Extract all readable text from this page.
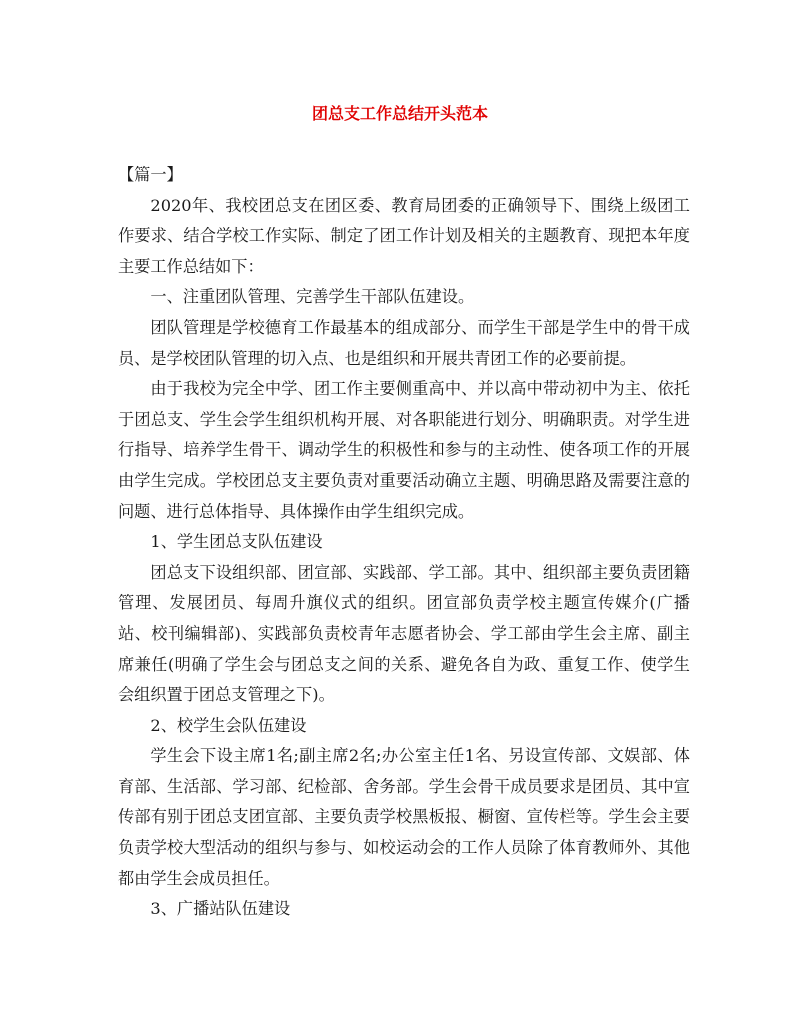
团总支工作总结开头范本

【篇一】

2020年、我校团总支在团区委、教育局团委的正确领导下、围绕上级团工作要求、结合学校工作实际、制定了团工作计划及相关的主题教育、现把本年度主要工作总结如下：

一、注重团队管理、完善学生干部队伍建设。

团队管理是学校德育工作最基本的组成部分、而学生干部是学生中的骨干成员、是学校团队管理的切入点、也是组织和开展共青团工作的必要前提。

由于我校为完全中学、团工作主要侧重高中、并以高中带动初中为主、依托于团总支、学生会学生组织机构开展、对各职能进行划分、明确职责。对学生进行指导、培养学生骨干、调动学生的积极性和参与的主动性、使各项工作的开展由学生完成。学校团总支主要负责对重要活动确立主题、明确思路及需要注意的问题、进行总体指导、具体操作由学生组织完成。

1、学生团总支队伍建设

团总支下设组织部、团宣部、实践部、学工部。其中、组织部主要负责团籍管理、发展团员、每周升旗仪式的组织。团宣部负责学校主题宣传媒介(广播站、校刊编辑部)、实践部负责校青年志愿者协会、学工部由学生会主席、副主席兼任(明确了学生会与团总支之间的关系、避免各自为政、重复工作、使学生会组织置于团总支管理之下)。

2、校学生会队伍建设

学生会下设主席1名;副主席2名;办公室主任1名、另设宣传部、文娱部、体育部、生活部、学习部、纪检部、舍务部。学生会骨干成员要求是团员、其中宣传部有别于团总支团宣部、主要负责学校黑板报、橱窗、宣传栏等。学生会主要负责学校大型活动的组织与参与、如校运动会的工作人员除了体育教师外、其他都由学生会成员担任。

3、广播站队伍建设
